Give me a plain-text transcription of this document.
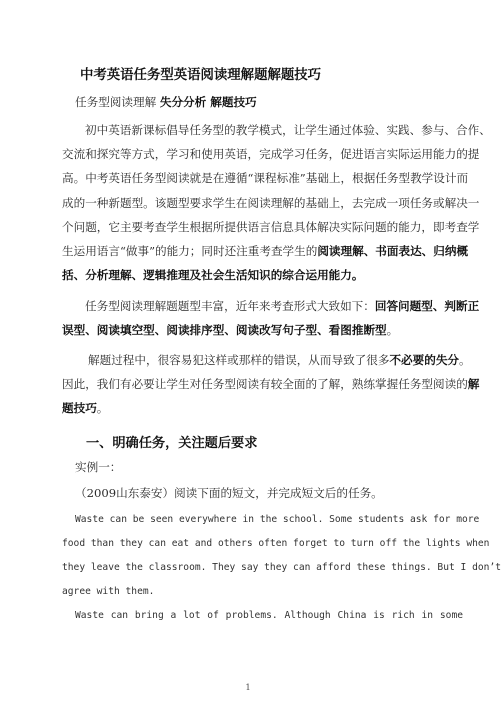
中考英语任务型英语阅读理解题解题技巧
任务型阅读理解 失分分析 解题技巧
初中英语新课标倡导任务型的教学模式，让学生通过体验、实践、参与、合作、
交流和探究等方式，学习和使用英语，完成学习任务，促进语言实际运用能力的提
高。中考英语任务型阅读就是在遵循“课程标准”基础上，根据任务型教学设计而
成的一种新题型。该题型要求学生在阅读理解的基础上，去完成一项任务或解决一
个问题，它主要考查学生根据所提供语言信息具体解决实际问题的能力，即考查学
生运用语言“做事”的能力；同时还注重考查学生的阅读理解、书面表达、归纳概
括、分析理解、逻辑推理及社会生活知识的综合运用能力。
任务型阅读理解题题型丰富，近年来考查形式大致如下：回答问题型、判断正
误型、阅读填空型、阅读排序型、阅读改写句子型、看图推断型。
解题过程中，很容易犯这样或那样的错误，从而导致了很多不必要的失分。
因此，我们有必要让学生对任务型阅读有较全面的了解，熟练掌握任务型阅读的解
题技巧。
一、明确任务，关注题后要求
实例一：
（2009山东泰安）阅读下面的短文，并完成短文后的任务。
Waste can be seen everywhere in the school. Some students ask for more
food than they can eat and others often forget to turn off the lights when
they leave the classroom. They say they can afford these things. But I don’t
agree with them.
Waste can bring a lot of problems. Although China is rich in some
1
